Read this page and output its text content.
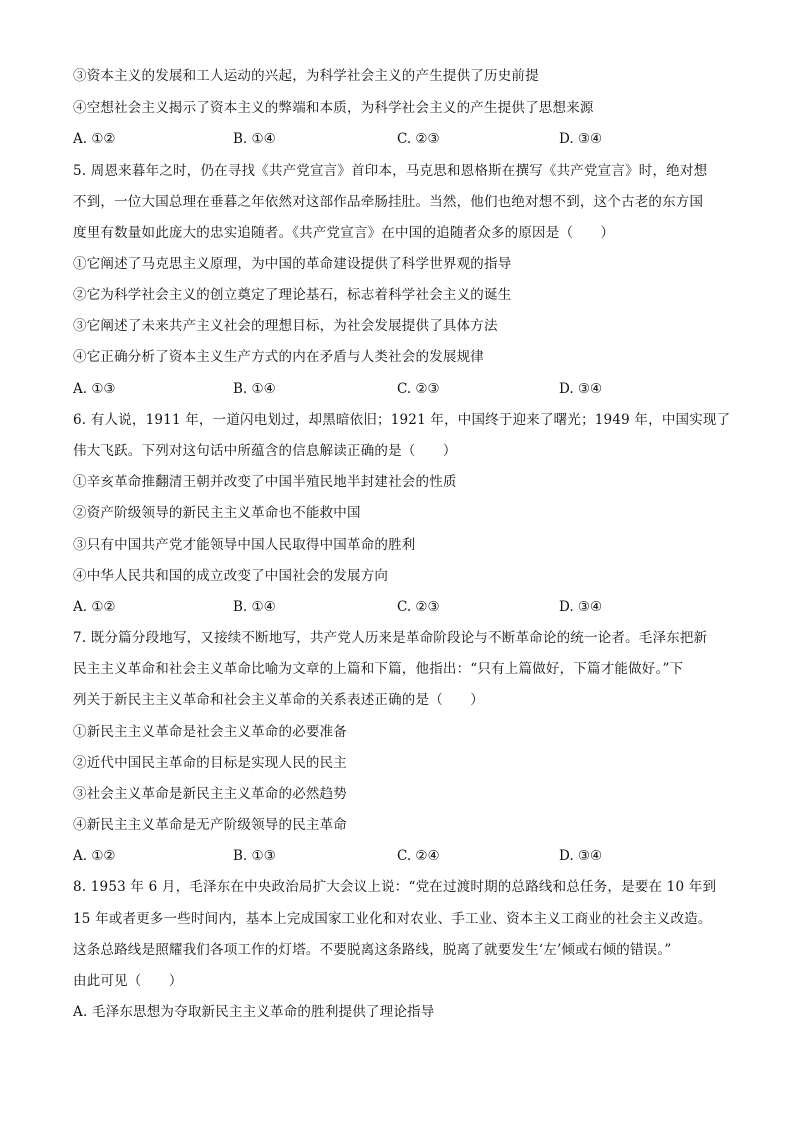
③资本主义的发展和工人运动的兴起，为科学社会主义的产生提供了历史前提
④空想社会主义揭示了资本主义的弊端和本质，为科学社会主义的产生提供了思想来源
A. ①②	B. ①④	C. ②③	D. ③④
5. 周恩来暮年之时，仍在寻找《共产党宣言》首印本，马克思和恩格斯在撰写《共产党宣言》时，绝对想
不到，一位大国总理在垂暮之年依然对这部作品牵肠挂肚。当然，他们也绝对想不到，这个古老的东方国
度里有数量如此庞大的忠实追随者。《共产党宣言》在中国的追随者众多的原因是（　　）
①它阐述了马克思主义原理，为中国的革命建设提供了科学世界观的指导
②它为科学社会主义的创立奠定了理论基石，标志着科学社会主义的诞生
③它阐述了未来共产主义社会的理想目标，为社会发展提供了具体方法
④它正确分析了资本主义生产方式的内在矛盾与人类社会的发展规律
A. ①③	B. ①④	C. ②③	D. ③④
6. 有人说，1911 年，一道闪电划过，却黑暗依旧；1921 年，中国终于迎来了曙光；1949 年，中国实现了
伟大飞跃。下列对这句话中所蕴含的信息解读正确的是（　　）
①辛亥革命推翻清王朝并改变了中国半殖民地半封建社会的性质
②资产阶级领导的新民主主义革命也不能救中国
③只有中国共产党才能领导中国人民取得中国革命的胜利
④中华人民共和国的成立改变了中国社会的发展方向
A. ①②	B. ①④	C. ②③	D. ③④
7. 既分篇分段地写，又接续不断地写，共产党人历来是革命阶段论与不断革命论的统一论者。毛泽东把新
民主主义革命和社会主义革命比喻为文章的上篇和下篇，他指出：“只有上篇做好，下篇才能做好。”下
列关于新民主主义革命和社会主义革命的关系表述正确的是（　　）
①新民主主义革命是社会主义革命的必要准备
②近代中国民主革命的目标是实现人民的民主
③社会主义革命是新民主主义革命的必然趋势
④新民主主义革命是无产阶级领导的民主革命
A. ①②	B. ①③	C. ②④	D. ③④
8. 1953 年 6 月，毛泽东在中央政治局扩大会议上说：“党在过渡时期的总路线和总任务，是要在 10 年到
15 年或者更多一些时间内，基本上完成国家工业化和对农业、手工业、资本主义工商业的社会主义改造。
这条总路线是照耀我们各项工作的灯塔。不要脱离这条路线，脱离了就要发生‘左’倾或右倾的错误。”
由此可见（　　）
A. 毛泽东思想为夺取新民主主义革命的胜利提供了理论指导
